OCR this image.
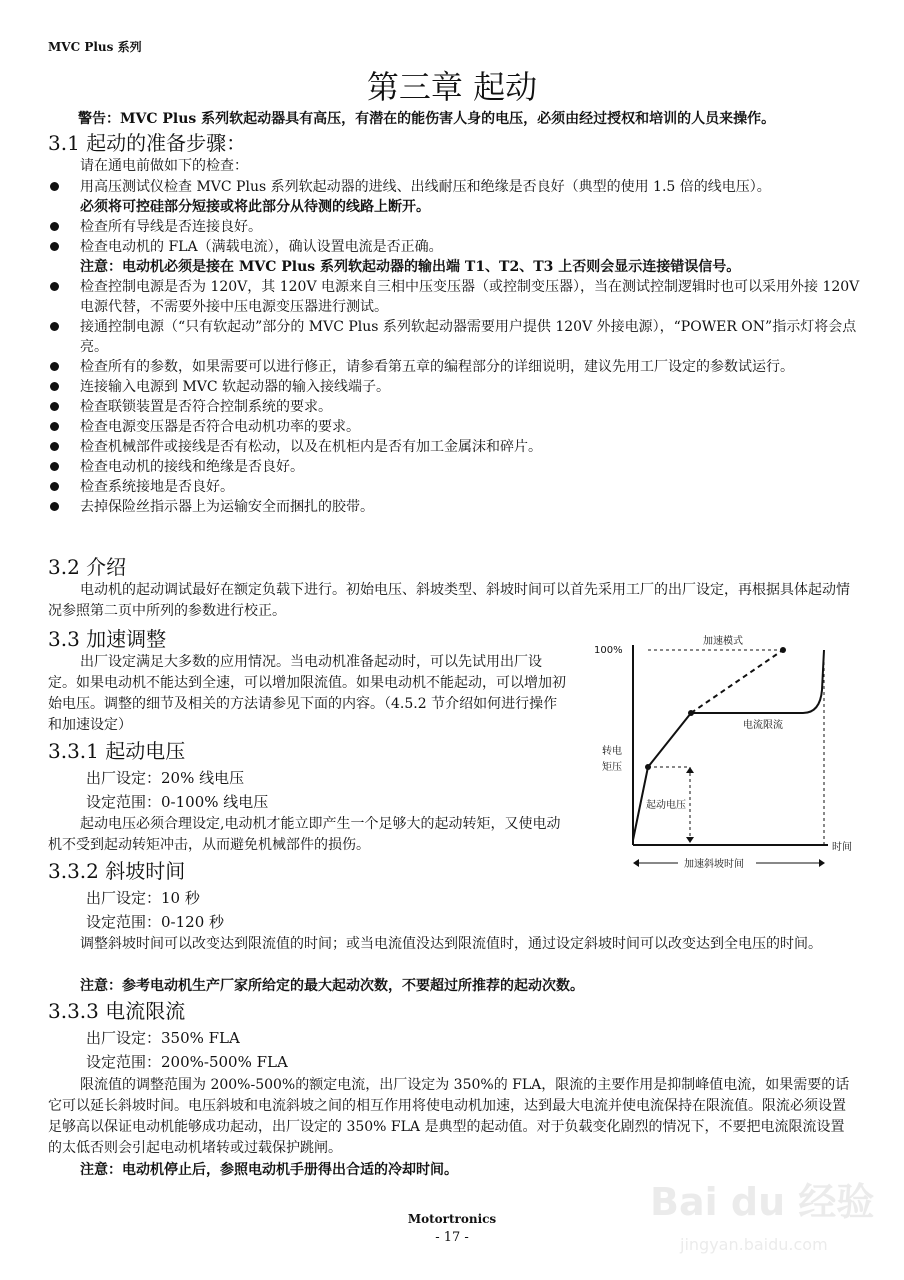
MVC Plus 系列
第三章 起动
警告：MVC Plus 系列软起动器具有高压，有潜在的能伤害人身的电压，必须由经过授权和培训的人员来操作。
3.1 起动的准备步骤：
请在通电前做如下的检查：
用高压测试仪检查 MVC Plus 系列软起动器的进线、出线耐压和绝缘是否良好（典型的使用 1.5 倍的线电压）。
必须将可控硅部分短接或将此部分从待测的线路上断开。
检查所有导线是否连接良好。
检查电动机的 FLA（满载电流），确认设置电流是否正确。
注意：电动机必须是接在 MVC Plus 系列软起动器的输出端 T1、T2、T3 上否则会显示连接错误信号。
检查控制电源是否为 120V，其 120V 电源来自三相中压变压器（或控制变压器），当在测试控制逻辑时也可以采用外接 120V 电源代替，不需要外接中压电源变压器进行测试。
接通控制电源（“只有软起动”部分的 MVC Plus 系列软起动器需要用户提供 120V 外接电源），“POWER ON”指示灯将会点亮。
检查所有的参数，如果需要可以进行修正，请参看第五章的编程部分的详细说明，建议先用工厂设定的参数试运行。
连接输入电源到 MVC 软起动器的输入接线端子。
检查联锁装置是否符合控制系统的要求。
检查电源变压器是否符合电动机功率的要求。
检查机械部件或接线是否有松动，以及在机柜内是否有加工金属沫和碎片。
检查电动机的接线和绝缘是否良好。
检查系统接地是否良好。
去掉保险丝指示器上为运输安全而捆扎的胶带。
3.2 介绍

电动机的起动调试最好在额定负载下进行。初始电压、斜坡类型、斜坡时间可以首先采用工厂的出厂设定，再根据具体起动情况参照第二页中所列的参数进行校正。

3.3 加速调整

出厂设定满足大多数的应用情况。当电动机准备起动时，可以先试用出厂设定。如果电动机不能达到全速，可以增加限流值。如果电动机不能起动，可以增加初始电压。调整的细节及相关的方法请参见下面的内容。（4.5.2 节介绍如何进行操作和加速设定）

3.3.1 起动电压
出厂设定：20% 线电压
设定范围：0-100% 线电压

起动电压必须合理设定,电动机才能立即产生一个足够大的起动转矩，又使电动机不受到起动转矩冲击，从而避免机械部件的损伤。

3.3.2 斜坡时间
出厂设定：10 秒
设定范围：0-120 秒

调整斜坡时间可以改变达到限流值的时间；或当电流值没达到限流值时，通过设定斜坡时间可以改变达到全电压的时间。

注意：参考电动机生产厂家所给定的最大起动次数，不要超过所推荐的起动次数。
3.3.3 电流限流
出厂设定：350% FLA
设定范围：200%-500% FLA

限流值的调整范围为 200%-500%的额定电流，出厂设定为 350%的 FLA，限流的主要作用是抑制峰值电流，如果需要的话它可以延长斜坡时间。电压斜坡和电流斜坡之间的相互作用将使电动机加速，达到最大电流并使电流保持在限流值。限流必须设置足够高以保证电动机能够成功起动，出厂设定的 350% FLA 是典型的起动值。对于负载变化剧烈的情况下，不要把电流限流设置的太低否则会引起电动机堵转或过载保护跳闸。

注意：电动机停止后，参照电动机手册得出合适的冷却时间。
100%
加速模式
电流限流
转电
矩压
起动电压
时间
加速斜坡时间
Motortronics
- 17 -
Bai du 经验
jingyan.baidu.com
